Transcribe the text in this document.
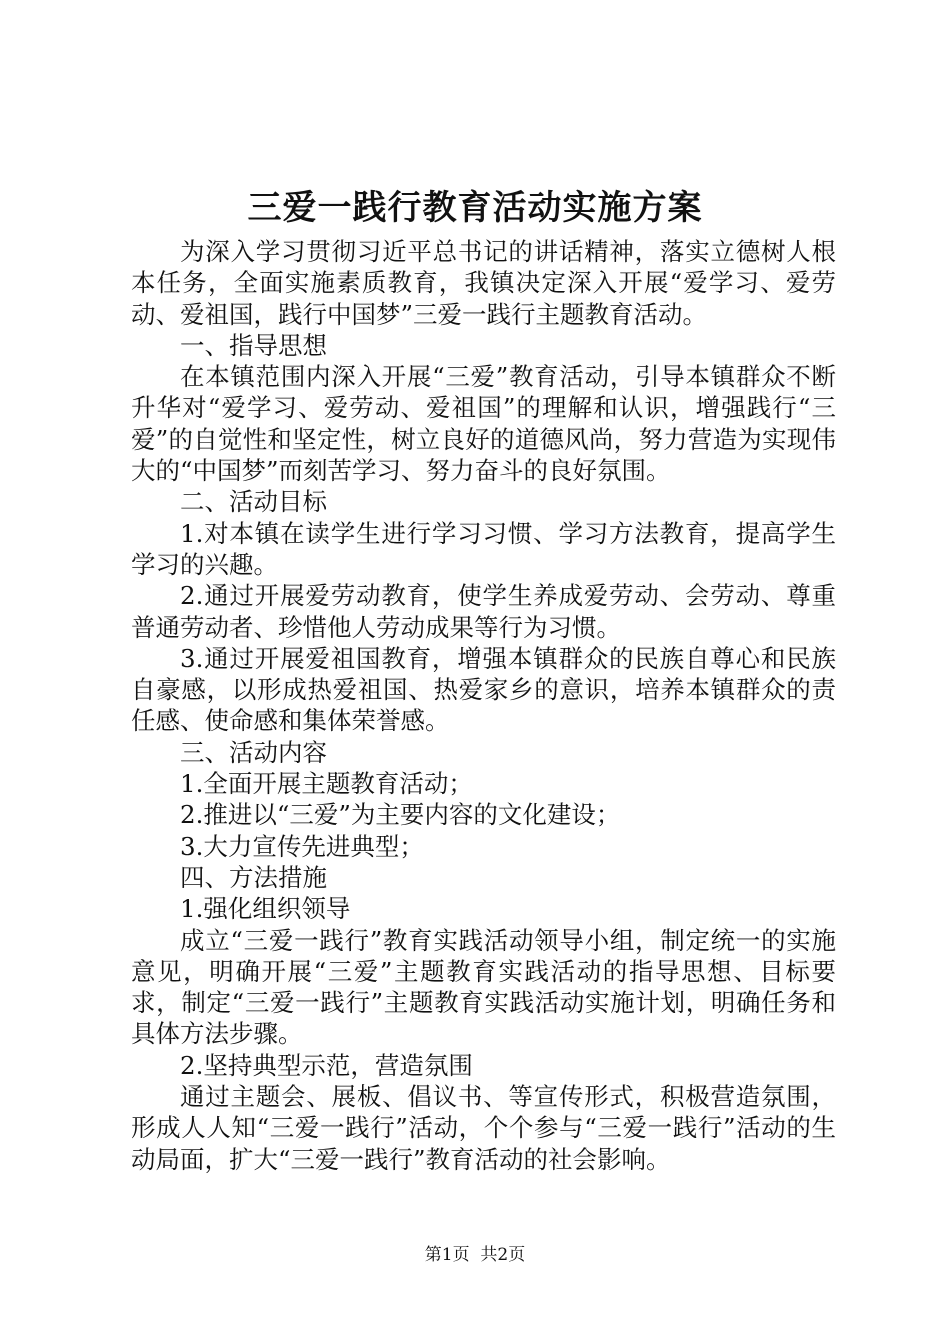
三爱一践行教育活动实施方案

为深入学习贯彻习近平总书记的讲话精神，落实立德树人根本任务，全面实施素质教育，我镇决定深入开展“爱学习、爱劳动、爱祖国，践行中国梦”三爱一践行主题教育活动。

一、指导思想

在本镇范围内深入开展“三爱”教育活动，引导本镇群众不断升华对“爱学习、爱劳动、爱祖国”的理解和认识，增强践行“三爱”的自觉性和坚定性，树立良好的道德风尚，努力营造为实现伟大的“中国梦”而刻苦学习、努力奋斗的良好氛围。

二、活动目标

1.对本镇在读学生进行学习习惯、学习方法教育，提高学生学习的兴趣。

2.通过开展爱劳动教育，使学生养成爱劳动、会劳动、尊重普通劳动者、珍惜他人劳动成果等行为习惯。

3.通过开展爱祖国教育，增强本镇群众的民族自尊心和民族自豪感，以形成热爱祖国、热爱家乡的意识，培养本镇群众的责任感、使命感和集体荣誉感。

三、活动内容

1.全面开展主题教育活动；

2.推进以“三爱”为主要内容的文化建设；

3.大力宣传先进典型；

四、方法措施

1.强化组织领导

成立“三爱一践行”教育实践活动领导小组，制定统一的实施意见，明确开展“三爱”主题教育实践活动的指导思想、目标要求，制定“三爱一践行”主题教育实践活动实施计划，明确任务和具体方法步骤。

2.坚持典型示范，营造氛围

通过主题会、展板、倡议书、等宣传形式，积极营造氛围，形成人人知“三爱一践行”活动，个个参与“三爱一践行”活动的生动局面，扩大“三爱一践行”教育活动的社会影响。

第1页  共2页
